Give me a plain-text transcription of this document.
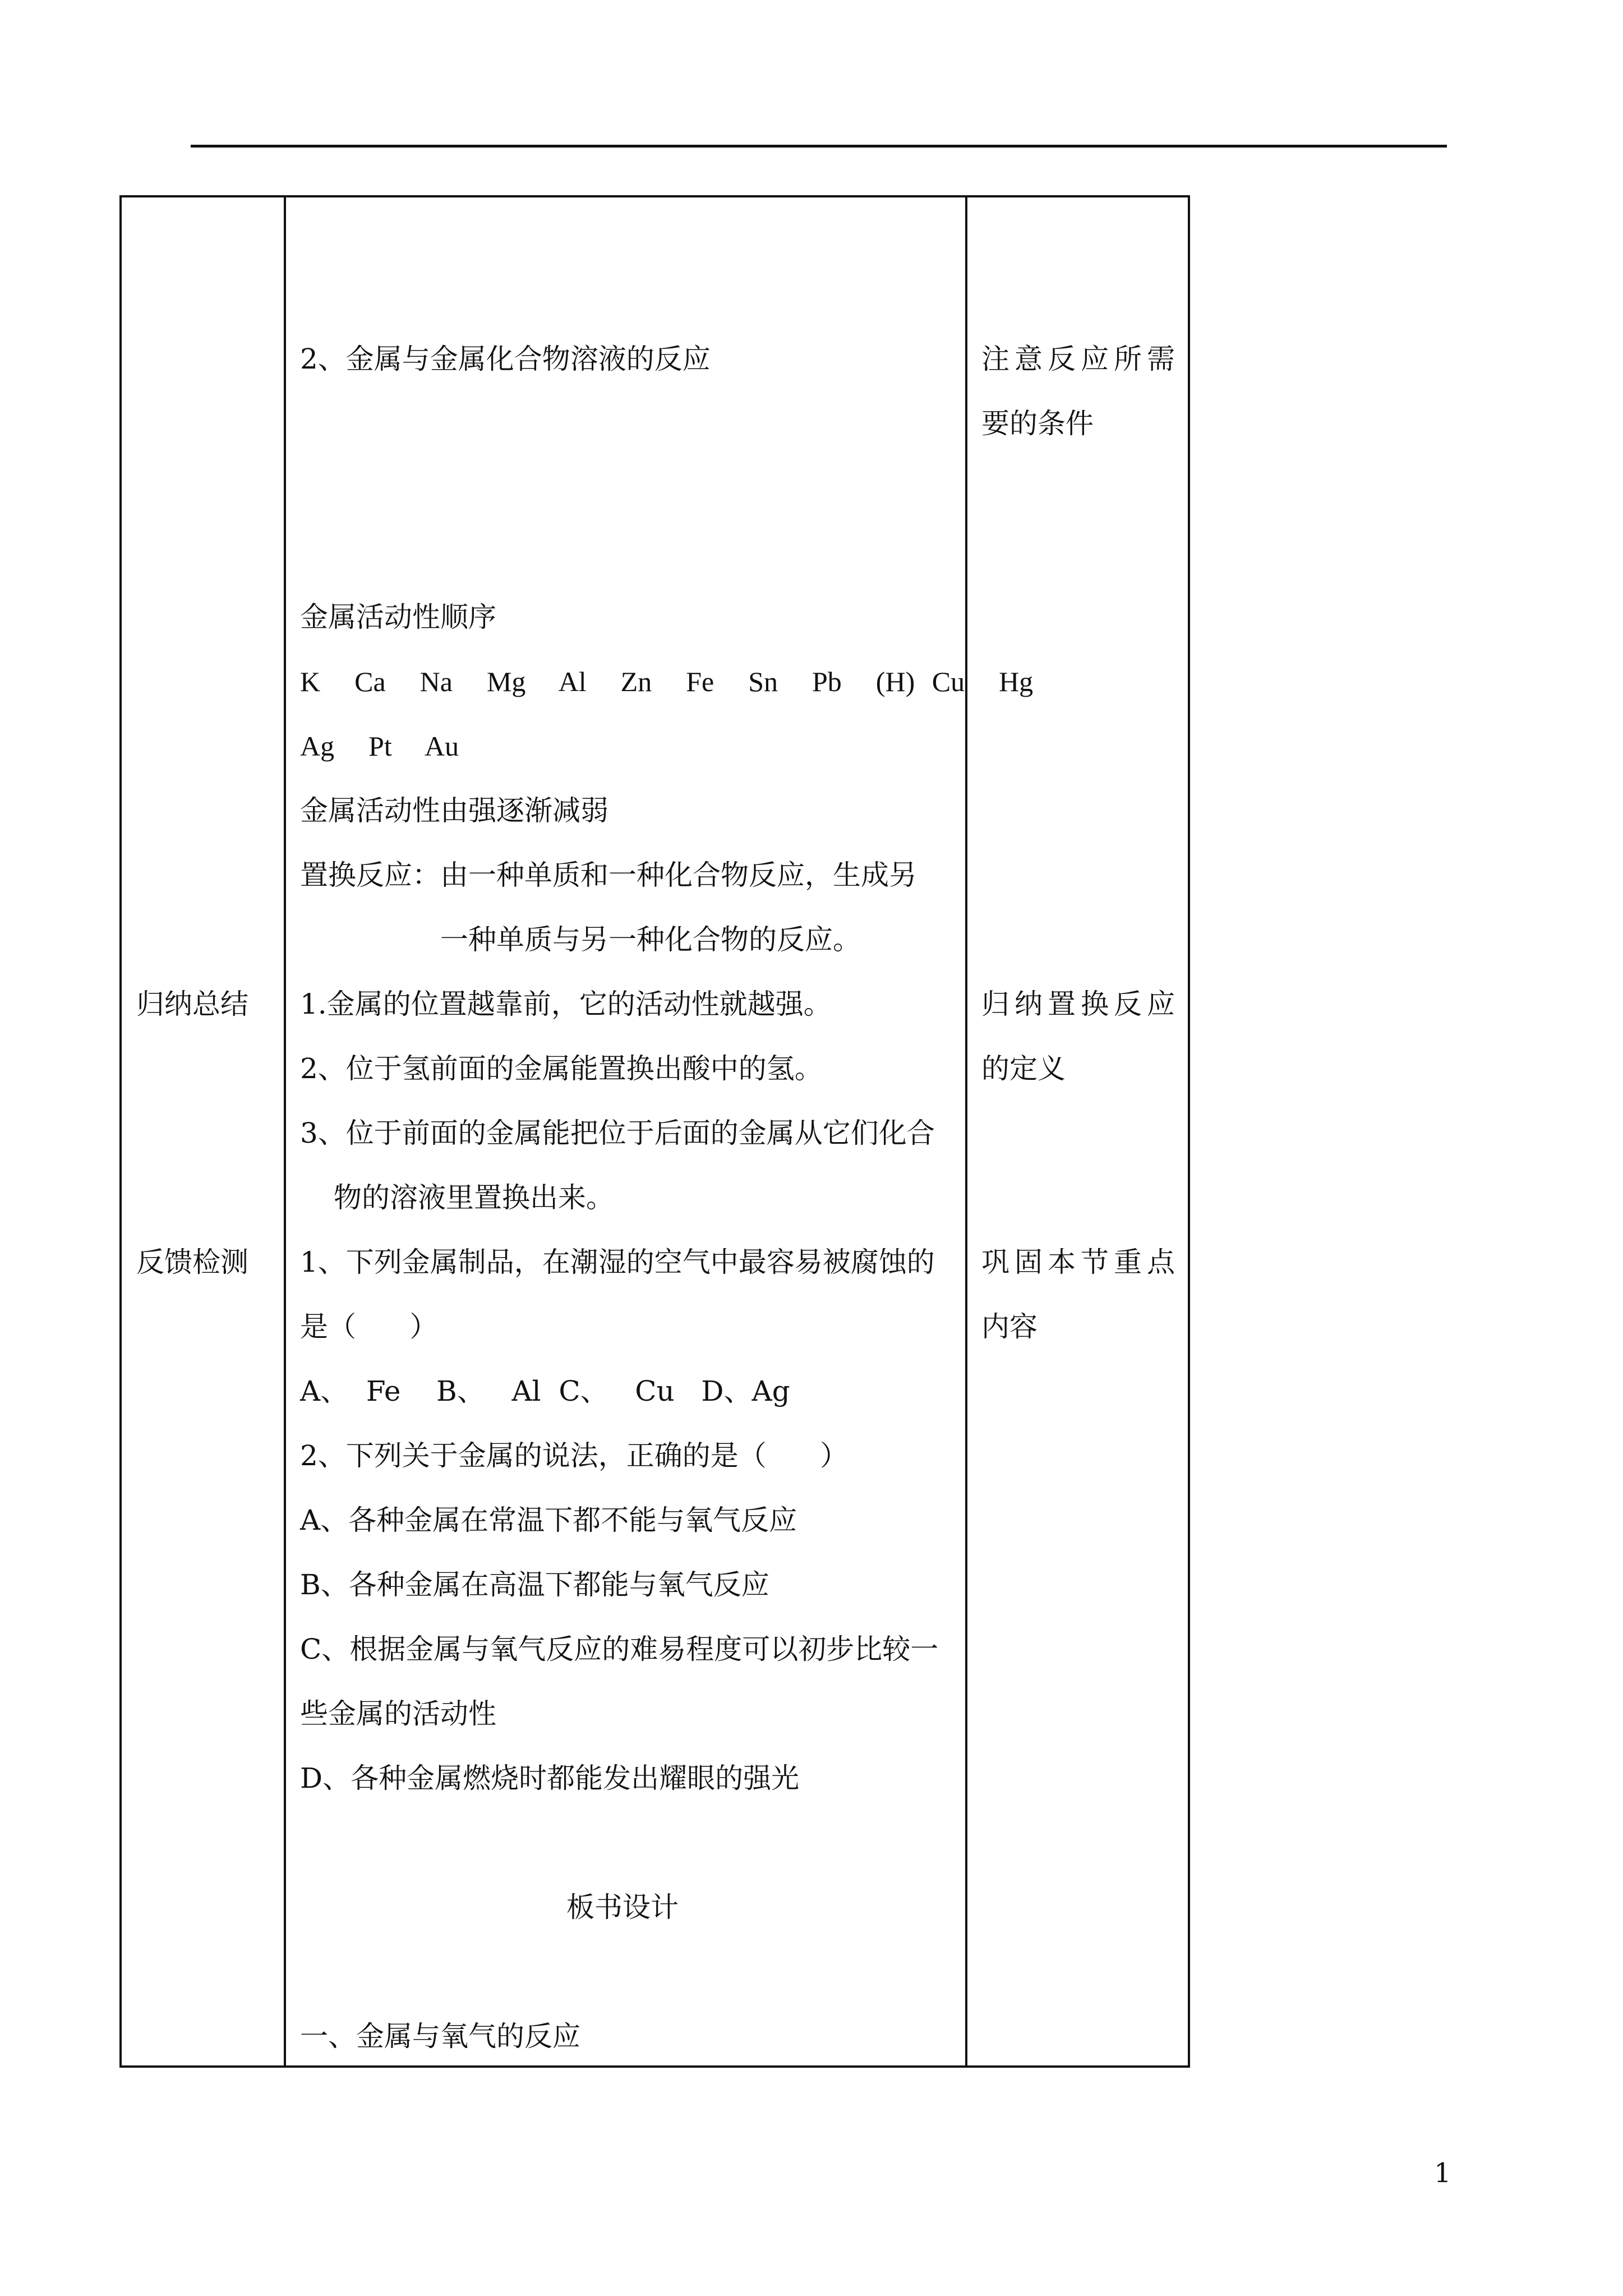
归纳总结
反馈检测
2、金属与金属化合物溶液的反应
金属活动性顺序
K  Ca  Na  Mg  Al  Zn  Fe  Sn  Pb  (H) Cu  Hg
Ag  Pt  Au
金属活动性由强逐渐减弱
置换反应：由一种单质和一种化合物反应，生成另
一种单质与另一种化合物的反应。
1.金属的位置越靠前，它的活动性就越强。
2、位于氢前面的金属能置换出酸中的氢。
3、位于前面的金属能把位于后面的金属从它们化合
物的溶液里置换出来。
1、下列金属制品，在潮湿的空气中最容易被腐蚀的
是（      ）
A、  Fe    B、   Al  C、   Cu   D、Ag
2、下列关于金属的说法，正确的是（      ）
A、各种金属在常温下都不能与氧气反应
B、各种金属在高温下都能与氧气反应
C、根据金属与氧气反应的难易程度可以初步比较一
些金属的活动性
D、各种金属燃烧时都能发出耀眼的强光
板书设计
一、金属与氧气的反应
注意反应所需
要的条件
归纳置换反应
的定义
巩固本节重点
内容
1
